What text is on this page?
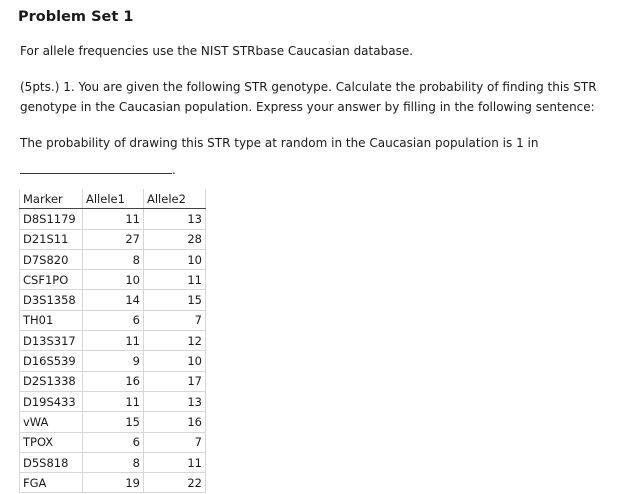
Problem Set 1
For allele frequencies use the NIST STRbase Caucasian database.
(5pts.) 1. You are given the following STR genotype. Calculate the probability of finding this STR
genotype in the Caucasian population. Express your answer by filling in the following sentence:
The probability of drawing this STR type at random in the Caucasian population is 1 in
.
Marker	Allele1	Allele2
D8S1179	11	13
D21S11	27	28
D7S820	8	10
CSF1PO	10	11
D3S1358	14	15
TH01	6	7
D13S317	11	12
D16S539	9	10
D2S1338	16	17
D19S433	11	13
vWA	15	16
TPOX	6	7
D5S818	8	11
FGA	19	22
